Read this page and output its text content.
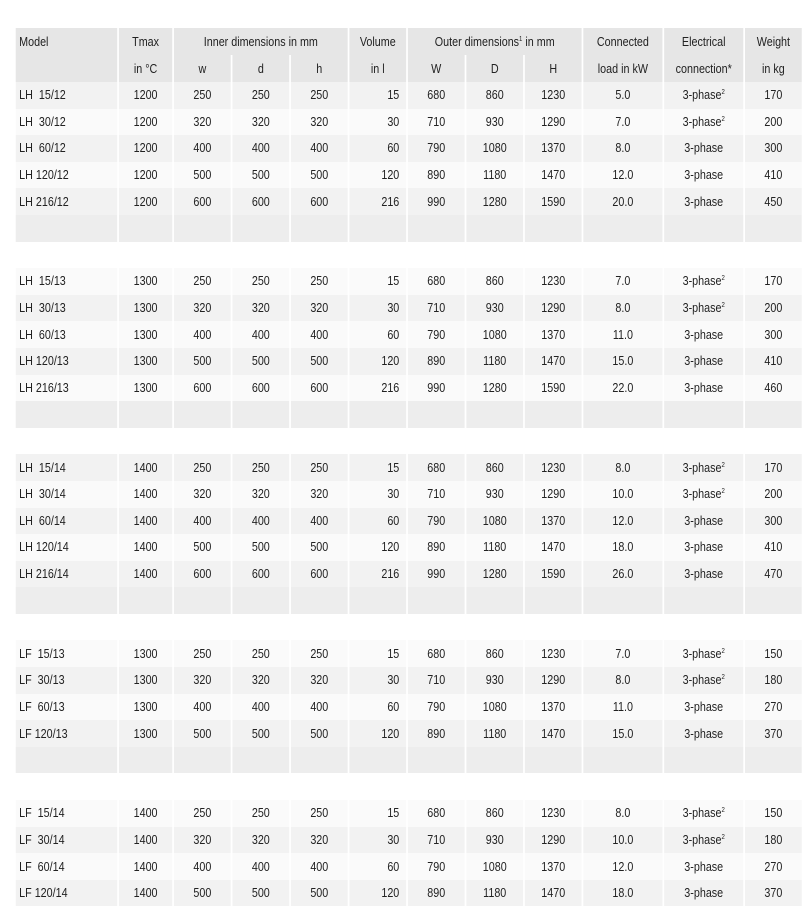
Model	Tmax	Inner dimensions in mm			Volume	Outer dimensions$^1$ in mm			Connected	Electrical	Weight
	in °C	w	d	h	in l	W	D	H	load in kW	connection*	in kg
LH  15/12	1200	250	250	250	15	680	860	1230	5.0	3-phase$^2$	170
LH  30/12	1200	320	320	320	30	710	930	1290	7.0	3-phase$^2$	200
LH  60/12	1200	400	400	400	60	790	1080	1370	8.0	3-phase	300
LH 120/12	1200	500	500	500	120	890	1180	1470	12.0	3-phase	410
LH 216/12	1200	600	600	600	216	990	1280	1590	20.0	3-phase	450

LH  15/13	1300	250	250	250	15	680	860	1230	7.0	3-phase$^2$	170
LH  30/13	1300	320	320	320	30	710	930	1290	8.0	3-phase$^2$	200
LH  60/13	1300	400	400	400	60	790	1080	1370	11.0	3-phase	300
LH 120/13	1300	500	500	500	120	890	1180	1470	15.0	3-phase	410
LH 216/13	1300	600	600	600	216	990	1280	1590	22.0	3-phase	460

LH  15/14	1400	250	250	250	15	680	860	1230	8.0	3-phase$^2$	170
LH  30/14	1400	320	320	320	30	710	930	1290	10.0	3-phase$^2$	200
LH  60/14	1400	400	400	400	60	790	1080	1370	12.0	3-phase	300
LH 120/14	1400	500	500	500	120	890	1180	1470	18.0	3-phase	410
LH 216/14	1400	600	600	600	216	990	1280	1590	26.0	3-phase	470

LF  15/13	1300	250	250	250	15	680	860	1230	7.0	3-phase$^2$	150
LF  30/13	1300	320	320	320	30	710	930	1290	8.0	3-phase$^2$	180
LF  60/13	1300	400	400	400	60	790	1080	1370	11.0	3-phase	270
LF 120/13	1300	500	500	500	120	890	1180	1470	15.0	3-phase	370

LF  15/14	1400	250	250	250	15	680	860	1230	8.0	3-phase$^2$	150
LF  30/14	1400	320	320	320	30	710	930	1290	10.0	3-phase$^2$	180
LF  60/14	1400	400	400	400	60	790	1080	1370	12.0	3-phase	270
LF 120/14	1400	500	500	500	120	890	1180	1470	18.0	3-phase	370
